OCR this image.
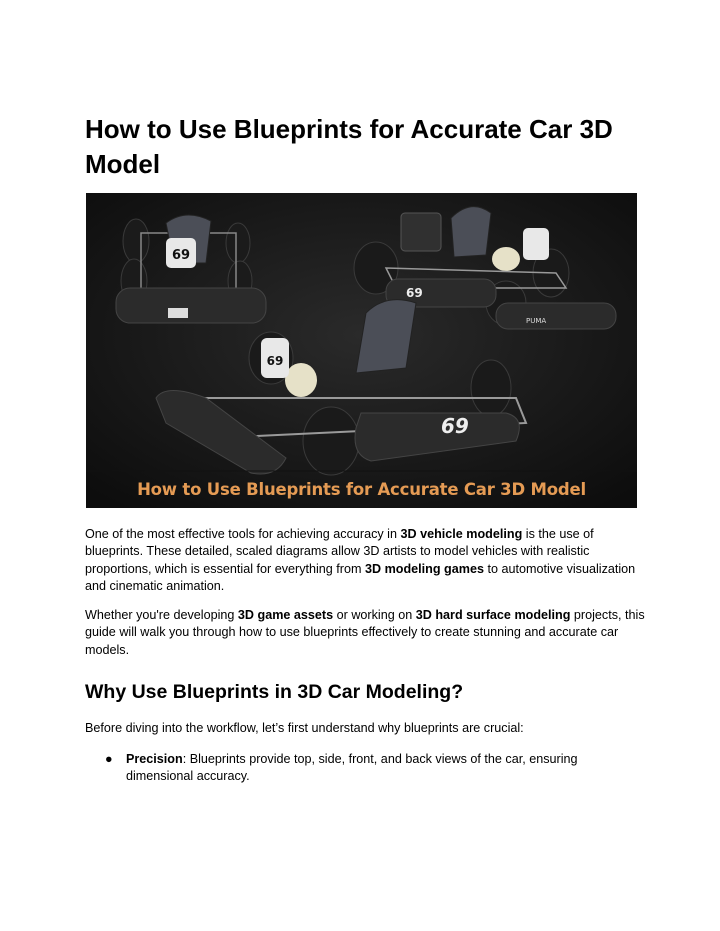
How to Use Blueprints for Accurate Car 3D Model
69
69
PUMA
69
69
How to Use Blueprints for Accurate Car 3D Model

One of the most effective tools for achieving accuracy in 3D vehicle modeling is the use of blueprints. These detailed, scaled diagrams allow 3D artists to model vehicles with realistic proportions, which is essential for everything from 3D modeling games to automotive visualization and cinematic animation.

Whether you're developing 3D game assets or working on 3D hard surface modeling projects, this guide will walk you through how to use blueprints effectively to create stunning and accurate car models.

Why Use Blueprints in 3D Car Modeling?

Before diving into the workflow, let’s first understand why blueprints are crucial:

● Precision: Blueprints provide top, side, front, and back views of the car, ensuring dimensional accuracy.
